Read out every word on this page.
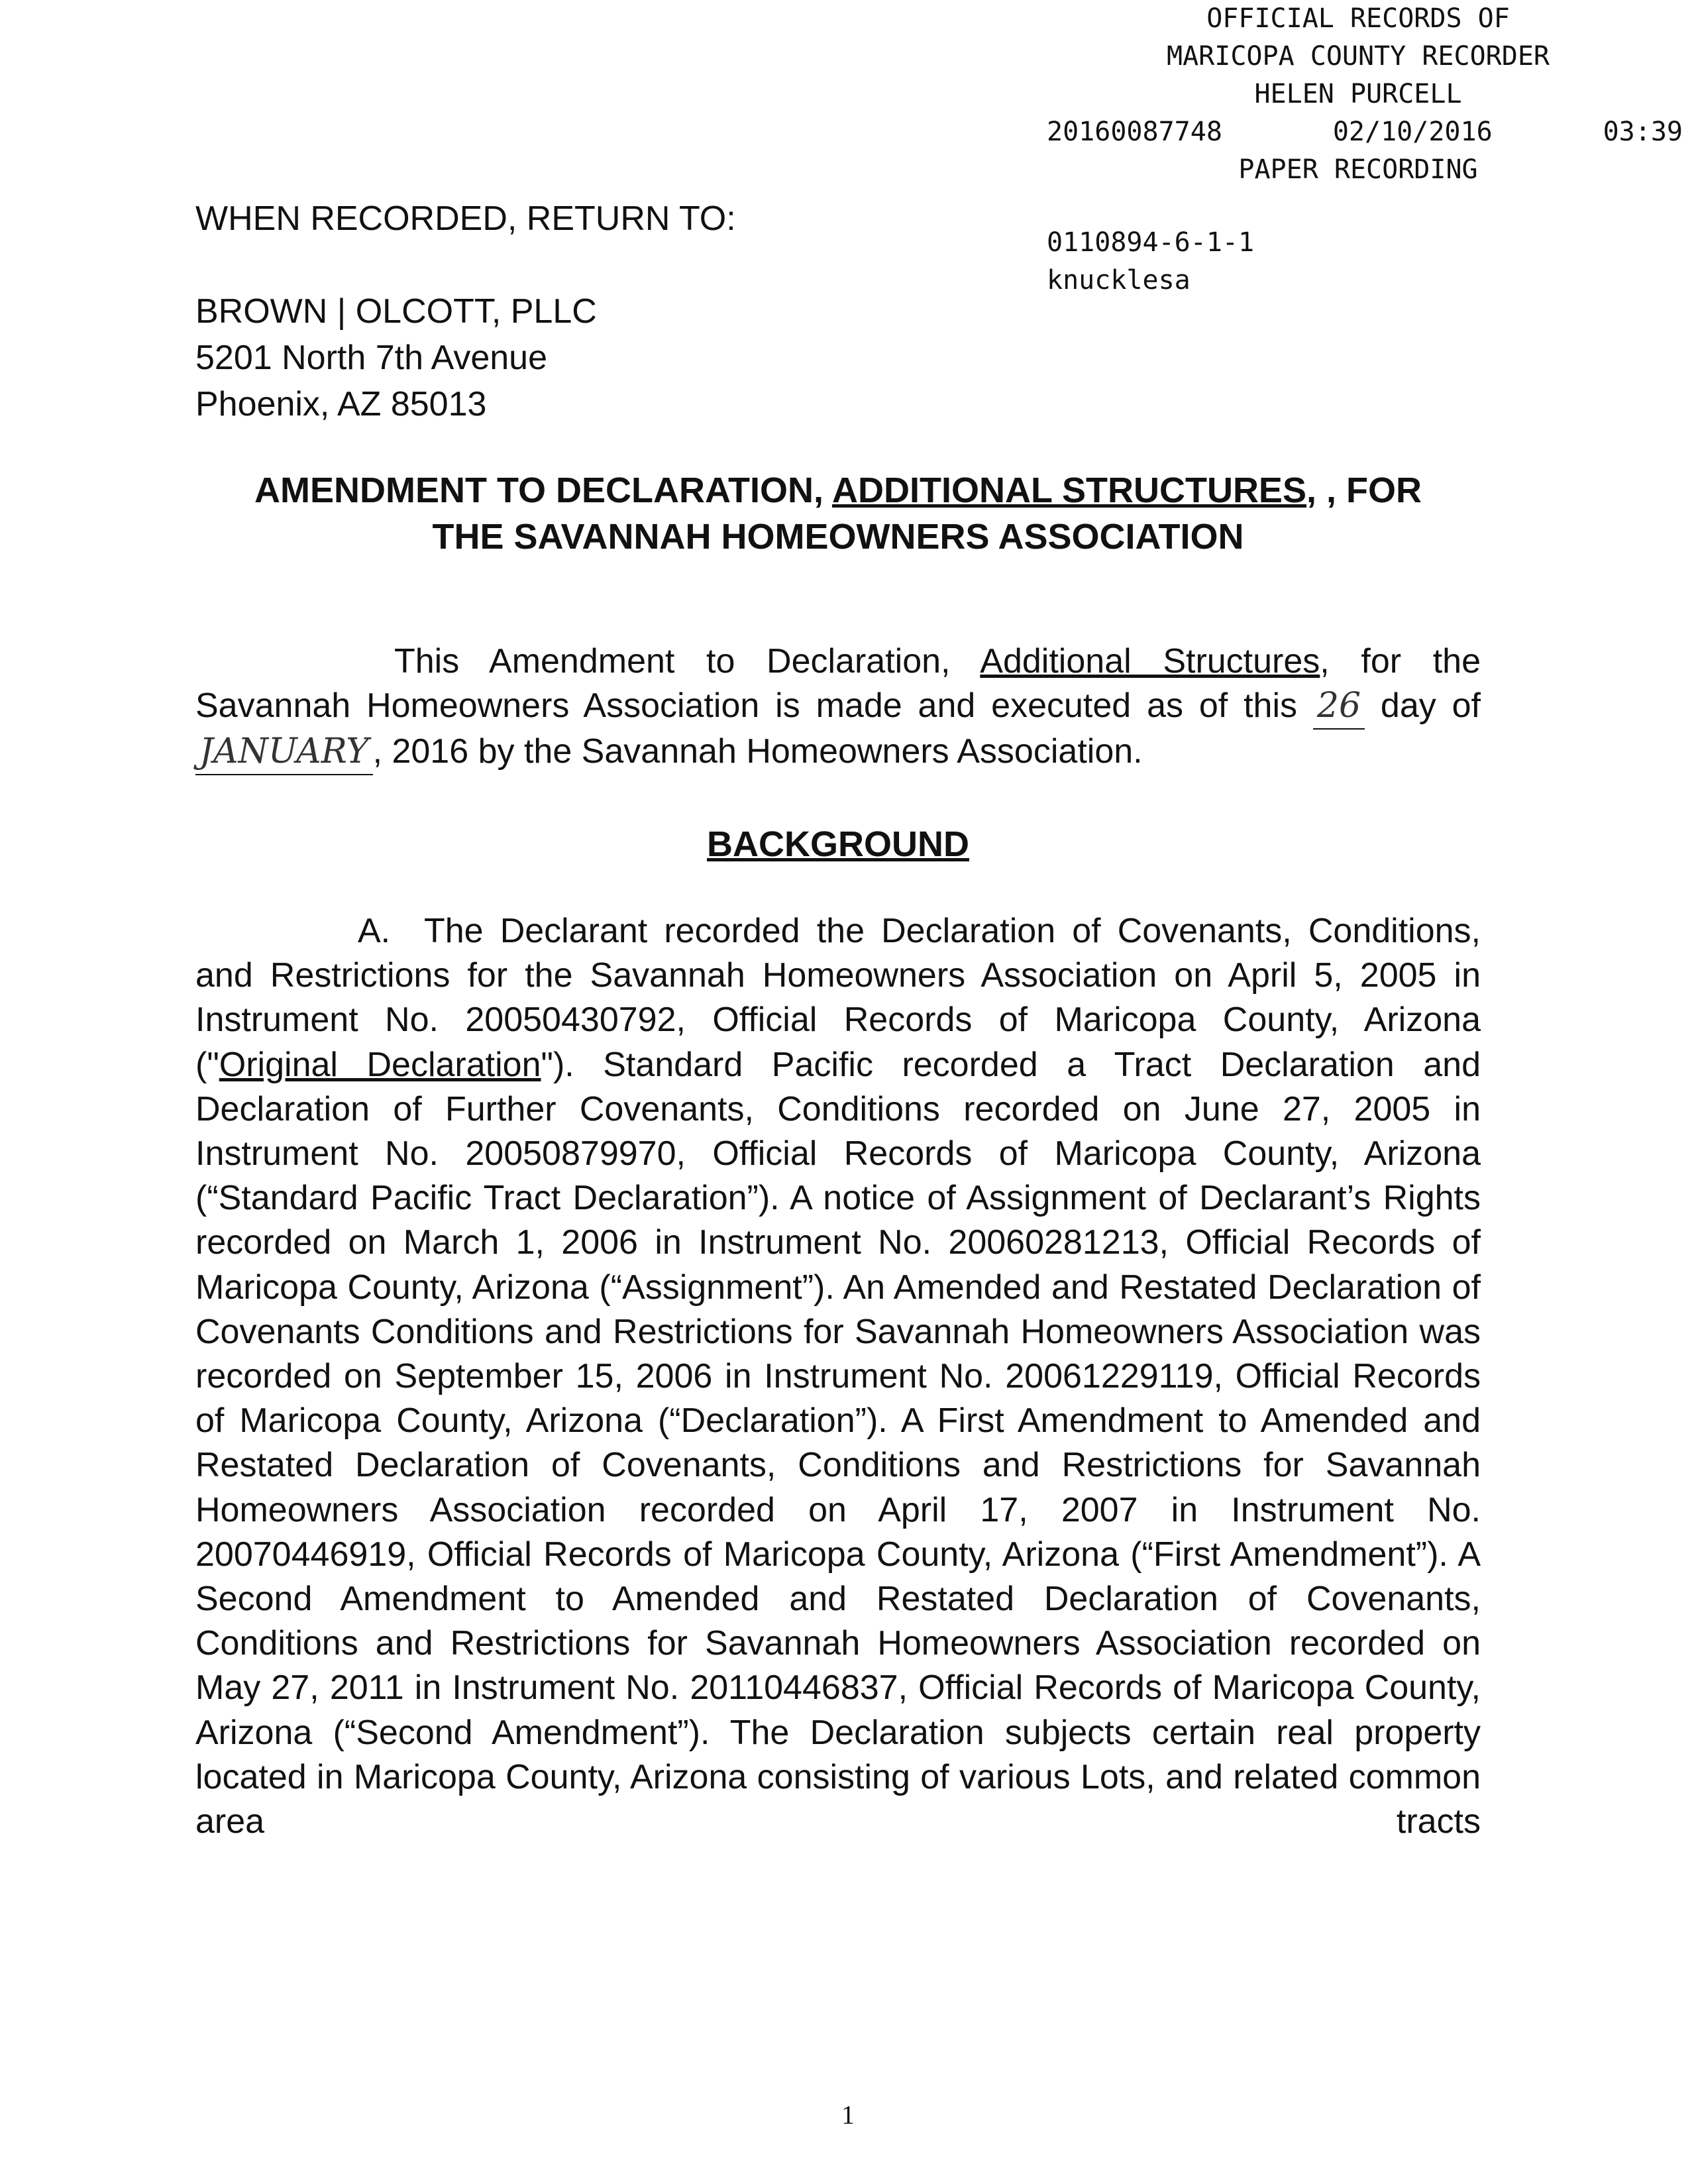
OFFICIAL RECORDS OF
MARICOPA COUNTY RECORDER
HELEN PURCELL
20160087748	02/10/2016	03:39
PAPER RECORDING
0110894-6-1-1
knucklesa
WHEN RECORDED, RETURN TO:
BROWN | OLCOTT, PLLC
5201 North 7th Avenue
Phoenix, AZ 85013
AMENDMENT TO DECLARATION, ADDITIONAL STRUCTURES, , FOR
THE SAVANNAH HOMEOWNERS ASSOCIATION

This Amendment to Declaration, Additional Structures, for the Savannah Homeowners Association is made and executed as of this 26 day of JANUARY , 2016 by the Savannah Homeowners Association.

BACKGROUND

A. The Declarant recorded the Declaration of Covenants, Conditions, and Restrictions for the Savannah Homeowners Association on April 5, 2005 in Instrument No. 20050430792, Official Records of Maricopa County, Arizona ("Original Declaration"). Standard Pacific recorded a Tract Declaration and Declaration of Further Covenants, Conditions recorded on June 27, 2005 in Instrument No. 20050879970, Official Records of Maricopa County, Arizona (“Standard Pacific Tract Declaration”). A notice of Assignment of Declarant’s Rights recorded on March 1, 2006 in Instrument No. 20060281213, Official Records of Maricopa County, Arizona (“Assignment”). An Amended and Restated Declaration of Covenants Conditions and Restrictions for Savannah Homeowners Association was recorded on September 15, 2006 in Instrument No. 20061229119, Official Records of Maricopa County, Arizona (“Declaration”). A First Amendment to Amended and Restated Declaration of Covenants, Conditions and Restrictions for Savannah Homeowners Association recorded on April 17, 2007 in Instrument No. 20070446919, Official Records of Maricopa County, Arizona (“First Amendment”). A Second Amendment to Amended and Restated Declaration of Covenants, Conditions and Restrictions for Savannah Homeowners Association recorded on May 27, 2011 in Instrument No. 20110446837, Official Records of Maricopa County, Arizona (“Second Amendment”). The Declaration subjects certain real property located in Maricopa County, Arizona consisting of various Lots, and related common area tracts

1
